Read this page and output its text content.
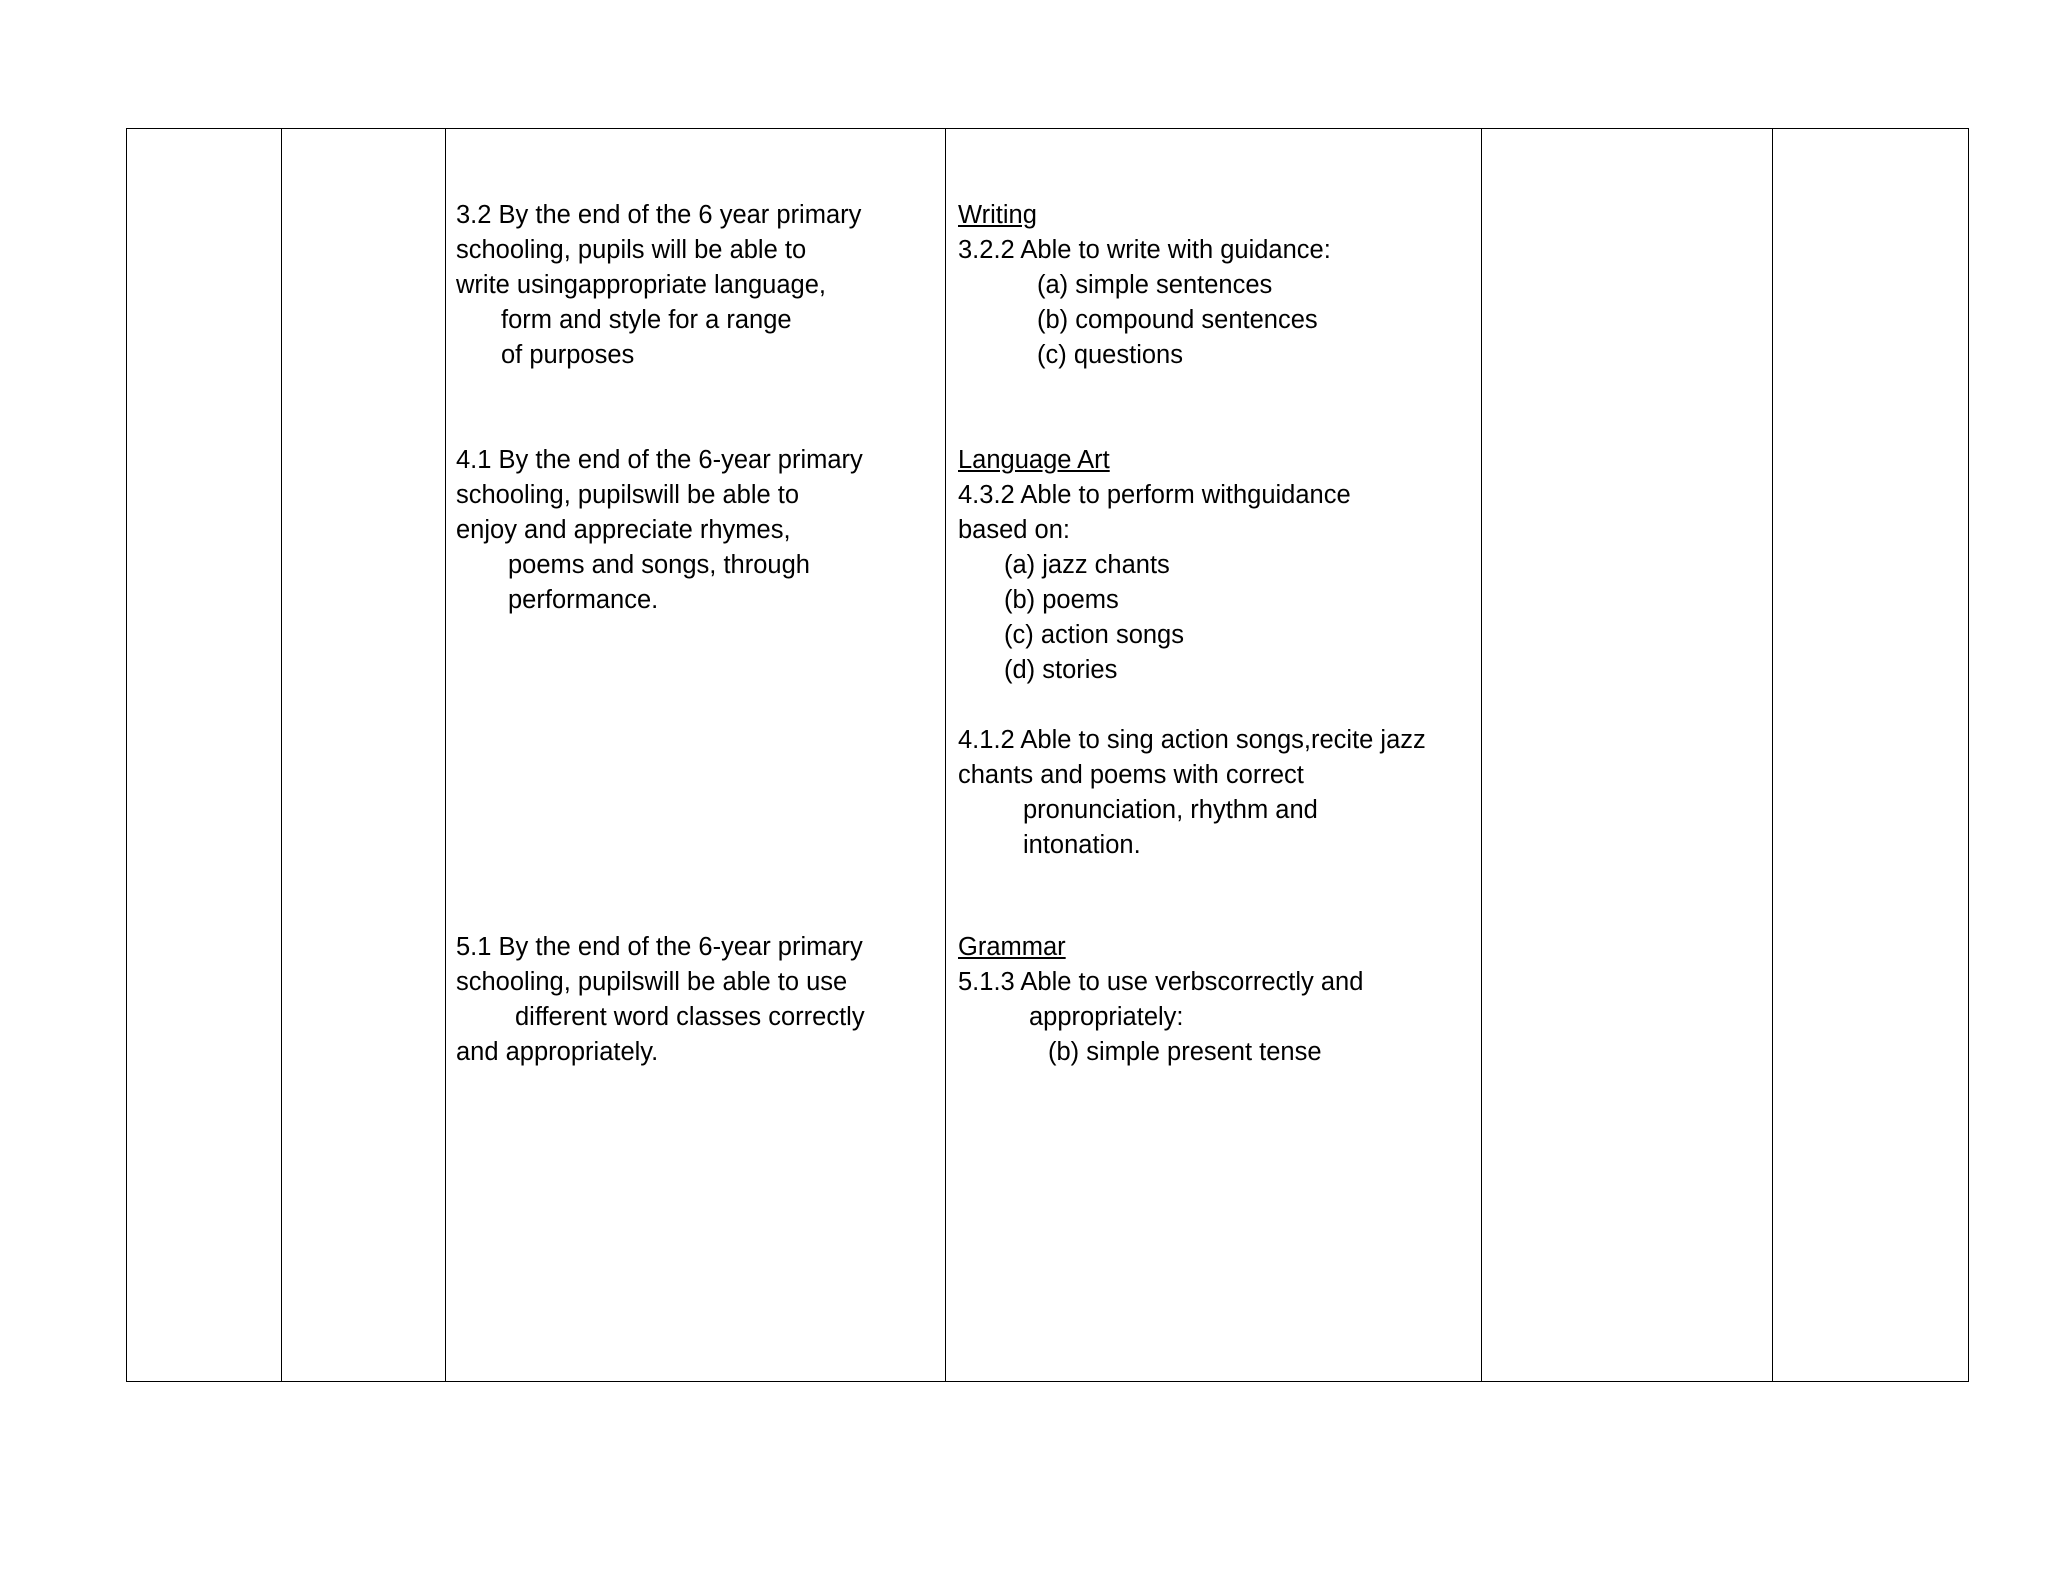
3.2 By the end of the 6 year primary

schooling, pupils will be able to

write usingappropriate language,

form and style for a range

of purposes

4.1 By the end of the 6-year primary

schooling, pupilswill be able to

enjoy and appreciate rhymes,

poems and songs, through

performance.

5.1 By the end of the 6-year primary

schooling, pupilswill be able to use

different word classes correctly

and appropriately.

Writing

3.2.2 Able to write with guidance:

(a) simple sentences

(b) compound sentences

(c) questions

Language Art

4.3.2 Able to perform withguidance

based on:

(a) jazz chants

(b) poems

(c) action songs

(d) stories

4.1.2 Able to sing action songs,recite jazz

chants and poems with correct

pronunciation, rhythm and

intonation.

Grammar

5.1.3 Able to use verbscorrectly and

appropriately:

(b) simple present tense
